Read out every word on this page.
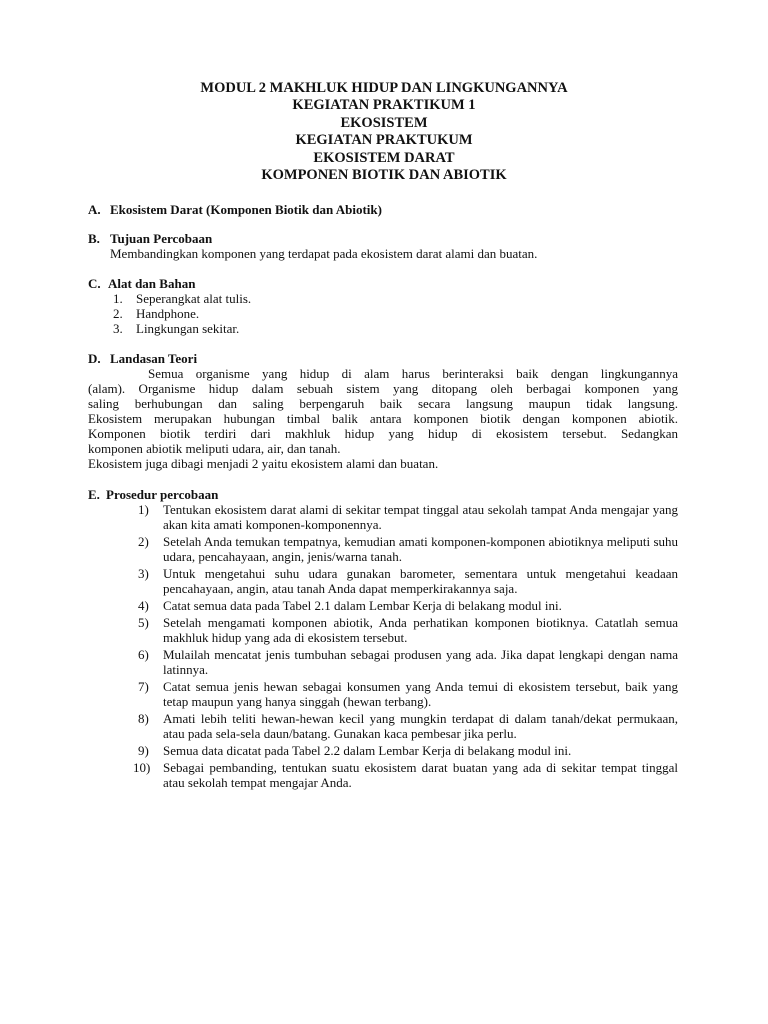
MODUL 2 MAKHLUK HIDUP DAN LINGKUNGANNYA
KEGIATAN PRAKTIKUM 1
EKOSISTEM
KEGIATAN PRAKTUKUM
EKOSISTEM DARAT
KOMPONEN BIOTIK DAN ABIOTIK
A. Ekosistem Darat (Komponen Biotik dan Abiotik)
B. Tujuan Percobaan
Membandingkan komponen yang terdapat pada ekosistem darat alami dan buatan.
C. Alat dan Bahan
1. Seperangkat alat tulis.
2. Handphone.
3. Lingkungan sekitar.
D. Landasan Teori
Semua organisme yang hidup di alam harus berinteraksi baik dengan lingkungannya
(alam). Organisme hidup dalam sebuah sistem yang ditopang oleh berbagai komponen yang
saling berhubungan dan saling berpengaruh baik secara langsung maupun tidak langsung.
Ekosistem merupakan hubungan timbal balik antara komponen biotik dengan komponen abiotik.
Komponen biotik terdiri dari makhluk hidup yang hidup di ekosistem tersebut. Sedangkan
komponen abiotik meliputi udara, air, dan tanah.
Ekosistem juga dibagi menjadi 2 yaitu ekosistem alami dan buatan.
E. Prosedur percobaan
1) Tentukan ekosistem darat alami di sekitar tempat tinggal atau sekolah tampat Anda mengajar yang akan kita amati komponen-komponennya.
2) Setelah Anda temukan tempatnya, kemudian amati komponen-komponen abiotiknya meliputi suhu udara, pencahayaan, angin, jenis/warna tanah.
3) Untuk mengetahui suhu udara gunakan barometer, sementara untuk mengetahui keadaan pencahayaan, angin, atau tanah Anda dapat memperkirakannya saja.
4) Catat semua data pada Tabel 2.1 dalam Lembar Kerja di belakang modul ini.
5) Setelah mengamati komponen abiotik, Anda perhatikan komponen biotiknya. Catatlah semua makhluk hidup yang ada di ekosistem tersebut.
6) Mulailah mencatat jenis tumbuhan sebagai produsen yang ada. Jika dapat lengkapi dengan nama latinnya.
7) Catat semua jenis hewan sebagai konsumen yang Anda temui di ekosistem tersebut, baik yang tetap maupun yang hanya singgah (hewan terbang).
8) Amati lebih teliti hewan-hewan kecil yang mungkin terdapat di dalam tanah/dekat permukaan, atau pada sela-sela daun/batang. Gunakan kaca pembesar jika perlu.
9) Semua data dicatat pada Tabel 2.2 dalam Lembar Kerja di belakang modul ini.
10) Sebagai pembanding, tentukan suatu ekosistem darat buatan yang ada di sekitar tempat tinggal atau sekolah tempat mengajar Anda.
